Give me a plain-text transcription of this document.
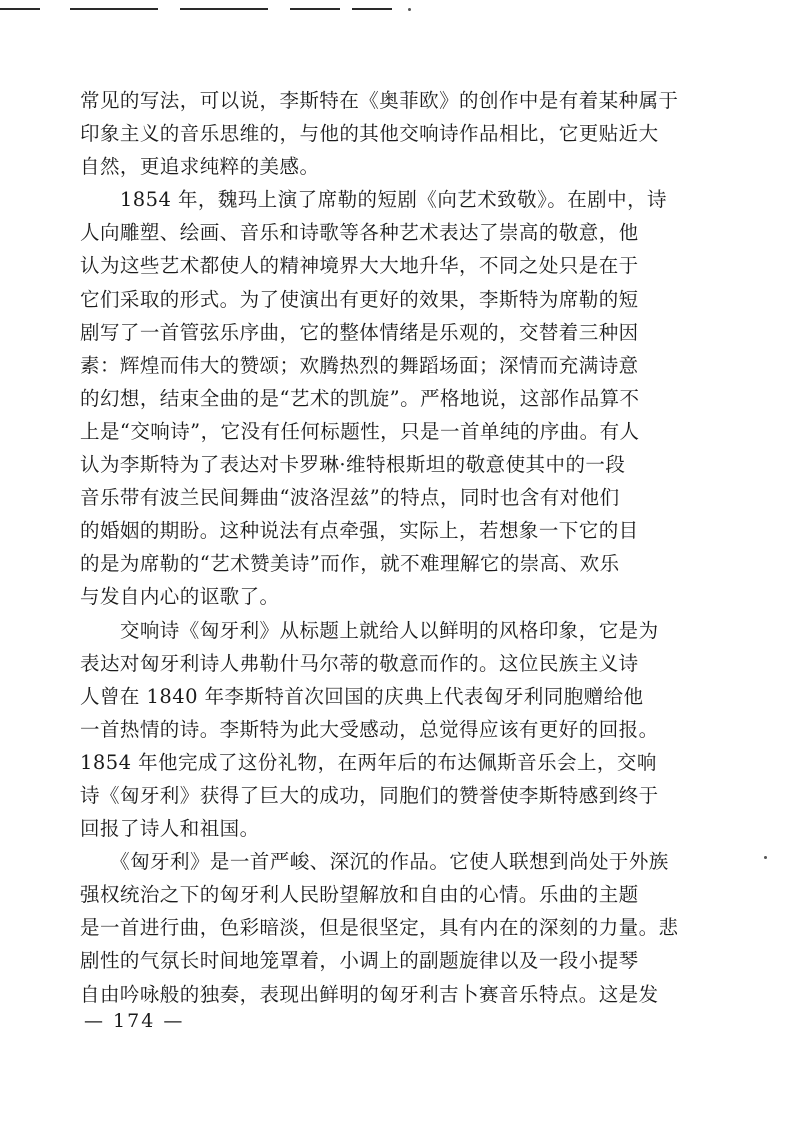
常见的写法，可以说，李斯特在《奥菲欧》的创作中是有着某种属于
印象主义的音乐思维的，与他的其他交响诗作品相比，它更贴近大
自然，更追求纯粹的美感。
　　1854 年，魏玛上演了席勒的短剧《向艺术致敬》。在剧中，诗
人向雕塑、绘画、音乐和诗歌等各种艺术表达了崇高的敬意，他
认为这些艺术都使人的精神境界大大地升华，不同之处只是在于
它们采取的形式。为了使演出有更好的效果，李斯特为席勒的短
剧写了一首管弦乐序曲，它的整体情绪是乐观的，交替着三种因
素：辉煌而伟大的赞颂；欢腾热烈的舞蹈场面；深情而充满诗意
的幻想，结束全曲的是“艺术的凯旋”。严格地说，这部作品算不
上是“交响诗”，它没有任何标题性，只是一首单纯的序曲。有人
认为李斯特为了表达对卡罗琳·维特根斯坦的敬意使其中的一段
音乐带有波兰民间舞曲“波洛涅兹”的特点，同时也含有对他们
的婚姻的期盼。这种说法有点牵强，实际上，若想象一下它的目
的是为席勒的“艺术赞美诗”而作，就不难理解它的崇高、欢乐
与发自内心的讴歌了。
　　交响诗《匈牙利》从标题上就给人以鲜明的风格印象，它是为
表达对匈牙利诗人弗勒什马尔蒂的敬意而作的。这位民族主义诗
人曾在 1840 年李斯特首次回国的庆典上代表匈牙利同胞赠给他
一首热情的诗。李斯特为此大受感动，总觉得应该有更好的回报。
1854 年他完成了这份礼物，在两年后的布达佩斯音乐会上，交响
诗《匈牙利》获得了巨大的成功，同胞们的赞誉使李斯特感到终于
回报了诗人和祖国。
　　《匈牙利》是一首严峻、深沉的作品。它使人联想到尚处于外族
强权统治之下的匈牙利人民盼望解放和自由的心情。乐曲的主题
是一首进行曲，色彩暗淡，但是很坚定，具有内在的深刻的力量。悲
剧性的气氛长时间地笼罩着，小调上的副题旋律以及一段小提琴
自由吟咏般的独奏，表现出鲜明的匈牙利吉卜赛音乐特点。这是发
— 174 —
